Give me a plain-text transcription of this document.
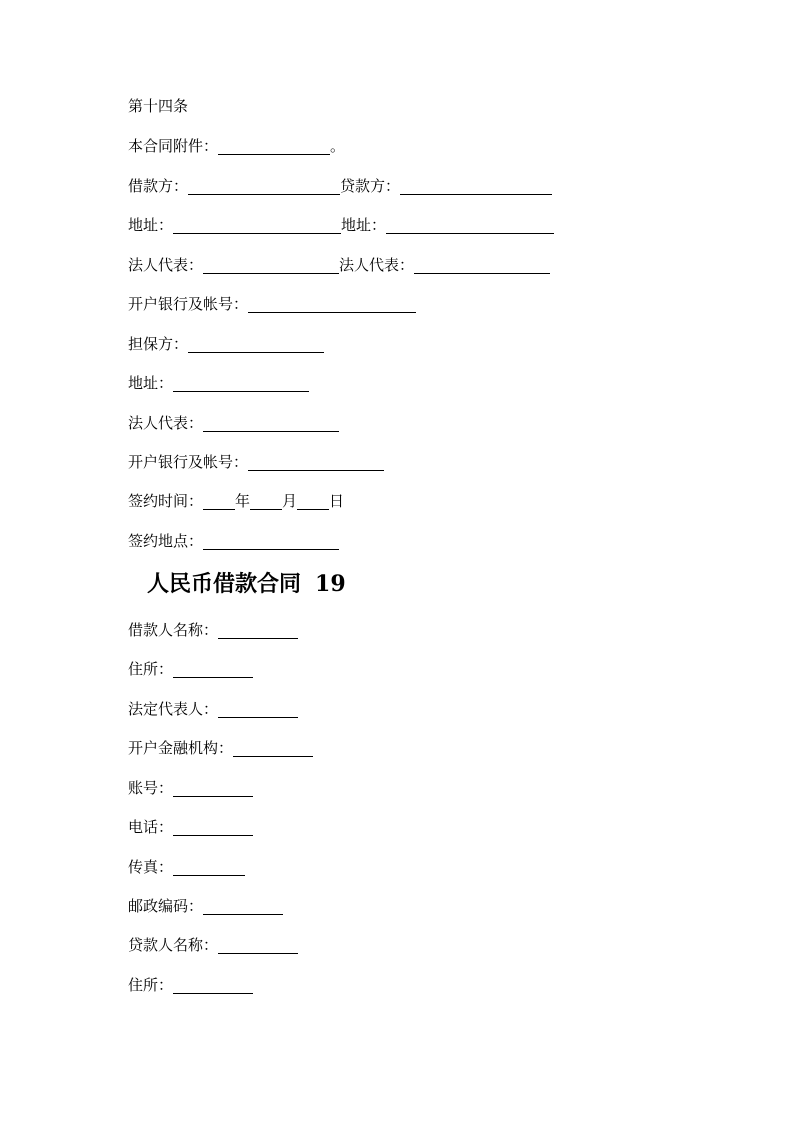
第十四条
本合同附件：	。
借款方：	贷款方：
地址：	地址：
法人代表：	法人代表：
开户银行及帐号：
担保方：
地址：
法人代表：
开户银行及帐号：
签约时间： 年 月 日
签约地点：
人民币借款合同 19
借款人名称：
住所：
法定代表人：
开户金融机构：
账号：
电话：
传真：
邮政编码：
贷款人名称：
住所：
